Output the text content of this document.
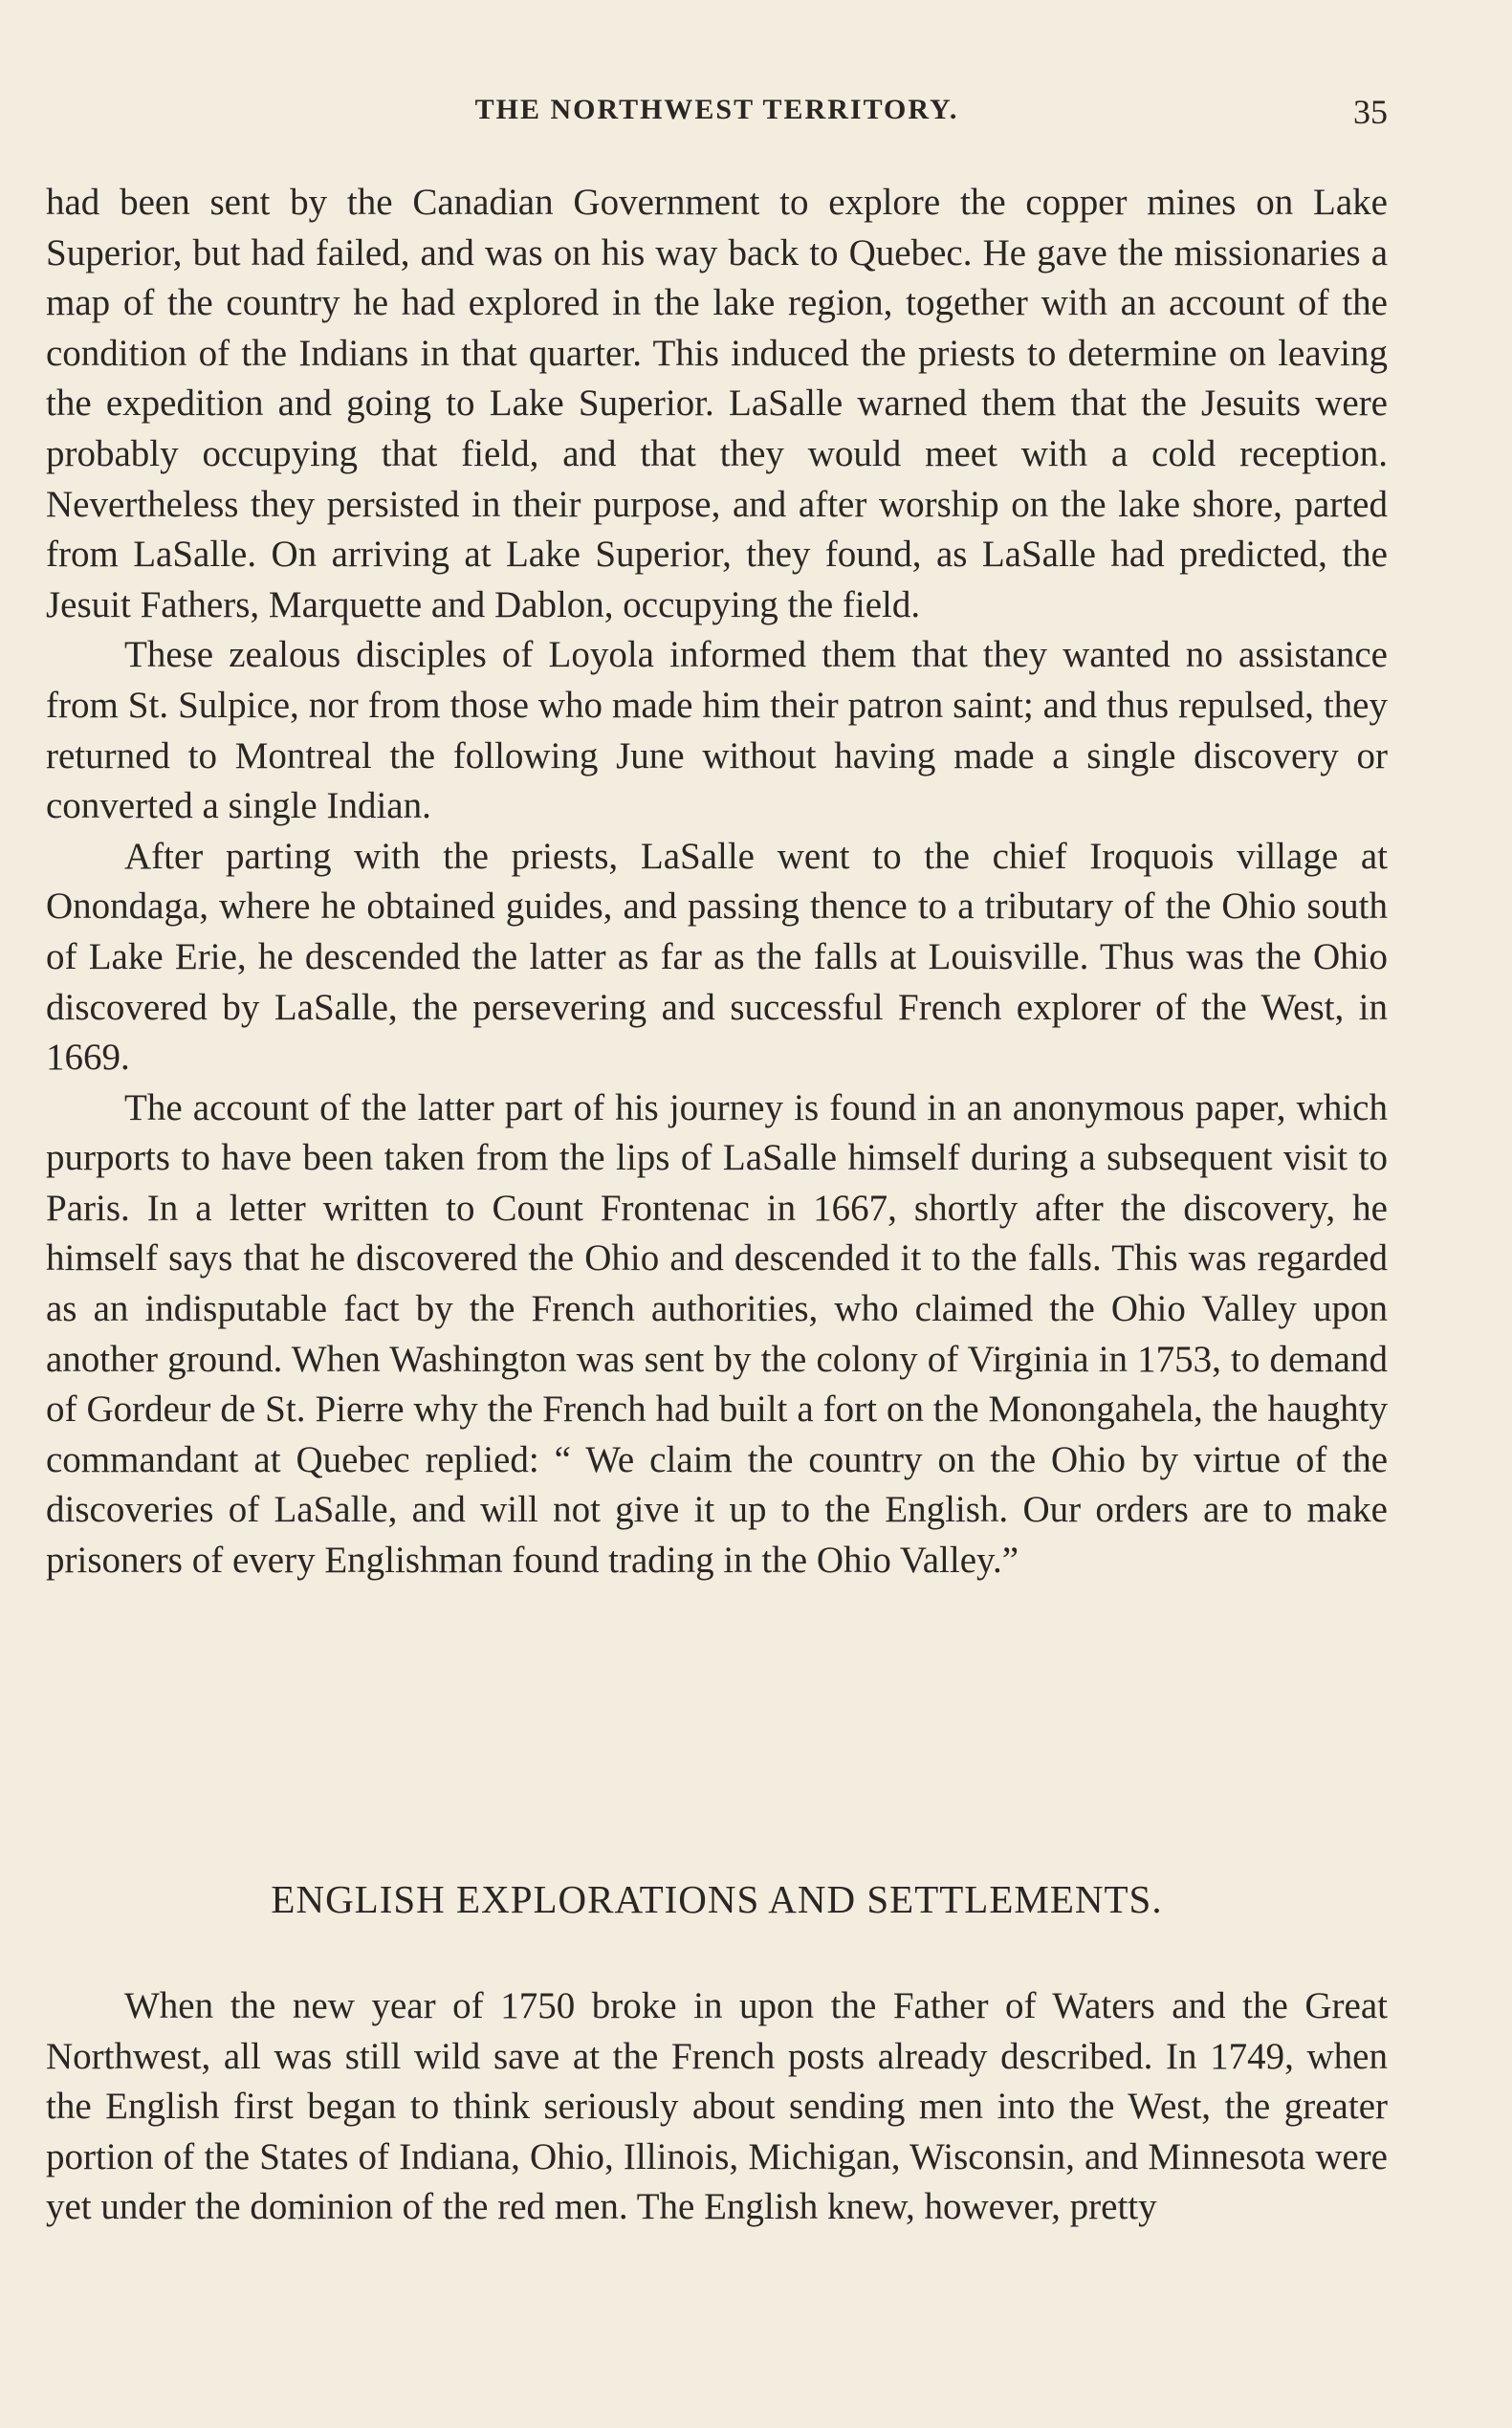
THE NORTHWEST TERRITORY.	35

had been sent by the Canadian Government to explore the copper mines on Lake Superior, but had failed, and was on his way back to Quebec. He gave the missionaries a map of the country he had explored in the lake region, together with an account of the condition of the Indians in that quarter. This induced the priests to determine on leaving the expedition and going to Lake Superior. LaSalle warned them that the Jesuits were probably occupying that field, and that they would meet with a cold reception. Nevertheless they persisted in their purpose, and after worship on the lake shore, parted from LaSalle. On arriving at Lake Superior, they found, as LaSalle had predicted, the Jesuit Fathers, Marquette and Dablon, occupying the field.

These zealous disciples of Loyola informed them that they wanted no assistance from St. Sulpice, nor from those who made him their patron saint; and thus repulsed, they returned to Montreal the following June without having made a single discovery or converted a single Indian.

After parting with the priests, LaSalle went to the chief Iroquois village at Onondaga, where he obtained guides, and passing thence to a tributary of the Ohio south of Lake Erie, he descended the latter as far as the falls at Louisville. Thus was the Ohio discovered by LaSalle, the persevering and successful French explorer of the West, in 1669.

The account of the latter part of his journey is found in an anonymous paper, which purports to have been taken from the lips of LaSalle himself during a subsequent visit to Paris. In a letter written to Count Frontenac in 1667, shortly after the discovery, he himself says that he discovered the Ohio and descended it to the falls. This was regarded as an indisputable fact by the French authorities, who claimed the Ohio Valley upon another ground. When Washington was sent by the colony of Virginia in 1753, to demand of Gordeur de St. Pierre why the French had built a fort on the Monongahela, the haughty commandant at Quebec replied: “ We claim the country on the Ohio by virtue of the discoveries of LaSalle, and will not give it up to the English. Our orders are to make prisoners of every Englishman found trading in the Ohio Valley.”

ENGLISH EXPLORATIONS AND SETTLEMENTS.

When the new year of 1750 broke in upon the Father of Waters and the Great Northwest, all was still wild save at the French posts already described. In 1749, when the English first began to think seriously about sending men into the West, the greater portion of the States of Indiana, Ohio, Illinois, Michigan, Wisconsin, and Minnesota were yet under the dominion of the red men. The English knew, however, pretty
